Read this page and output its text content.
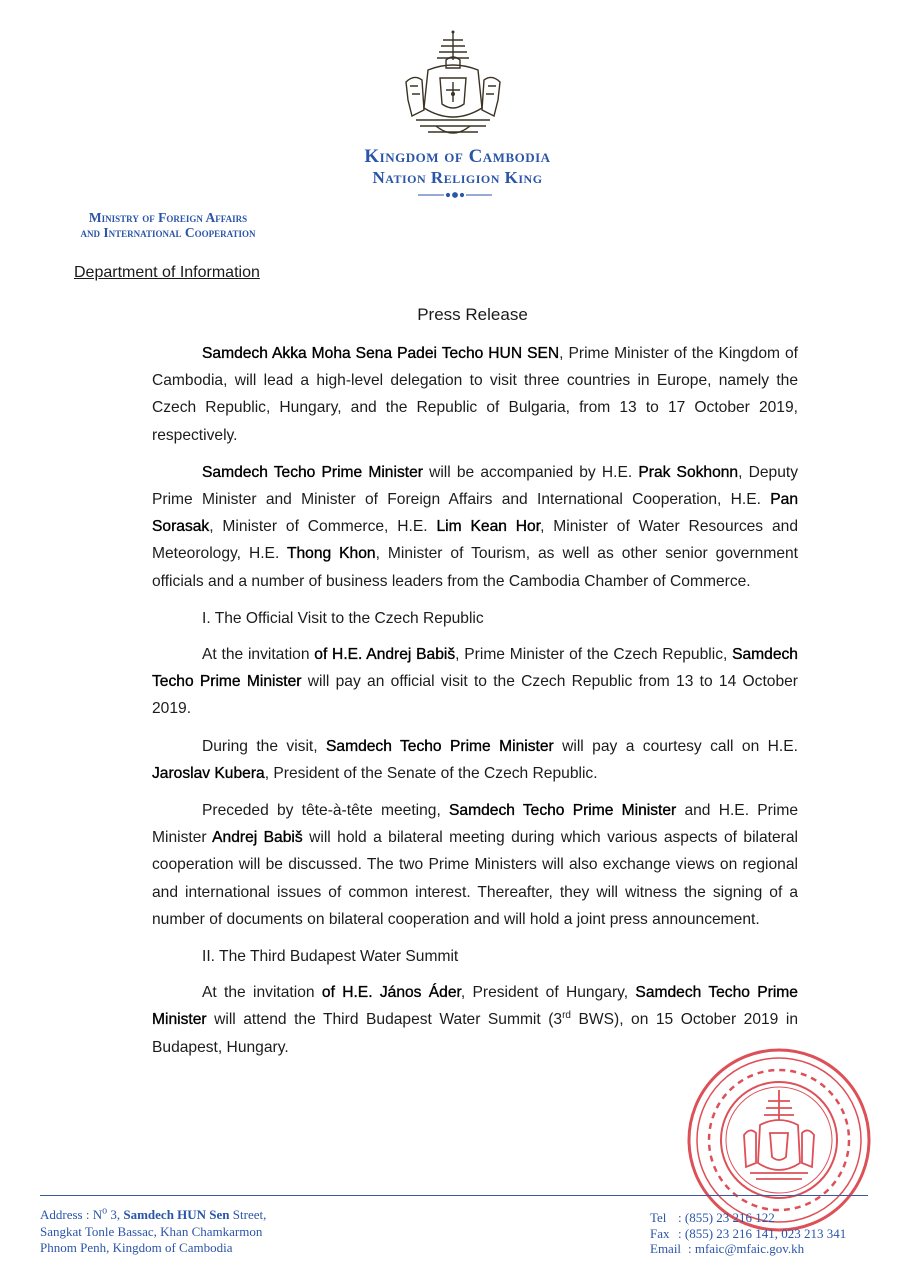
Kingdom of Cambodia
Nation Religion King
Ministry of Foreign Affairs
and International Cooperation
Department of Information
Press Release

Samdech Akka Moha Sena Padei Techo HUN SEN, Prime Minister of the Kingdom of Cambodia, will lead a high-level delegation to visit three countries in Europe, namely the Czech Republic, Hungary, and the Republic of Bulgaria, from 13 to 17 October 2019, respectively.

Samdech Techo Prime Minister will be accompanied by H.E. Prak Sokhonn, Deputy Prime Minister and Minister of Foreign Affairs and International Cooperation, H.E. Pan Sorasak, Minister of Commerce, H.E. Lim Kean Hor, Minister of Water Resources and Meteorology, H.E. Thong Khon, Minister of Tourism, as well as other senior government officials and a number of business leaders from the Cambodia Chamber of Commerce.

I. The Official Visit to the Czech Republic

At the invitation of H.E. Andrej Babiš, Prime Minister of the Czech Republic, Samdech Techo Prime Minister will pay an official visit to the Czech Republic from 13 to 14 October 2019.

During the visit, Samdech Techo Prime Minister will pay a courtesy call on H.E. Jaroslav Kubera, President of the Senate of the Czech Republic.

Preceded by tête-à-tête meeting, Samdech Techo Prime Minister and H.E. Prime Minister Andrej Babiš will hold a bilateral meeting during which various aspects of bilateral cooperation will be discussed. The two Prime Ministers will also exchange views on regional and international issues of common interest. Thereafter, they will witness the signing of a number of documents on bilateral cooperation and will hold a joint press announcement.

II. The Third Budapest Water Summit

At the invitation of H.E. János Áder, President of Hungary, Samdech Techo Prime Minister will attend the Third Budapest Water Summit (3rd BWS), on 15 October 2019 in Budapest, Hungary.

Address : $N^o$ 3, Samdech HUN Sen Street,
Sangkat Tonle Bassac, Khan Chamkarmon
Phnom Penh, Kingdom of Cambodia
Tel : (855) 23 216 122
Fax : (855) 23 216 141, 023 213 341
Email : mfaic@mfaic.gov.kh
